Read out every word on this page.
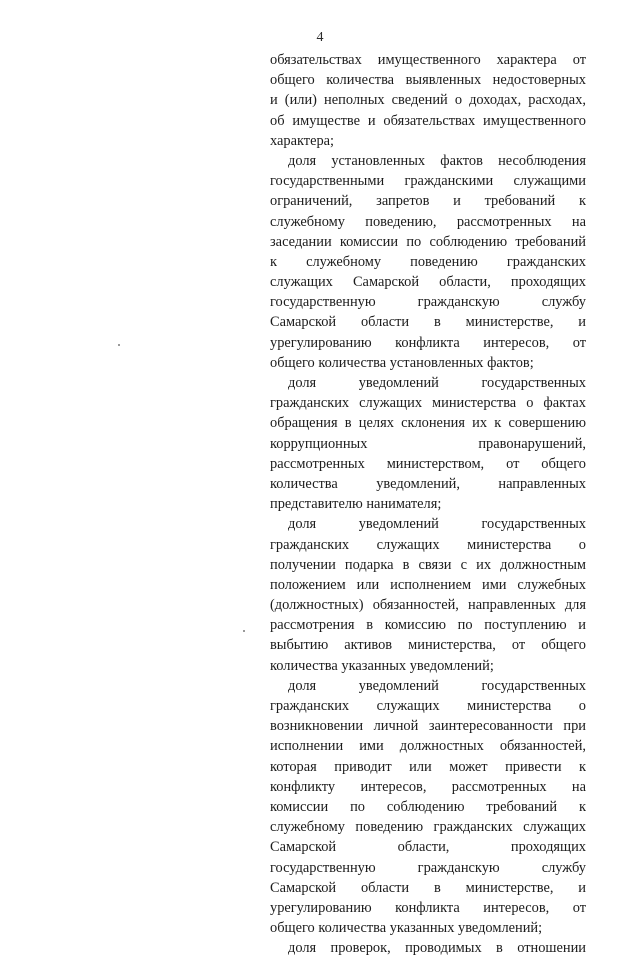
4
обязательствах имущественного характера от
общего количества выявленных недостоверных
и (или) неполных сведений о доходах, расходах,
об имуществе и обязательствах имущественного
характера;
доля установленных фактов несоблюдения
государственными гражданскими служащими
ограничений, запретов и требований к
служебному поведению, рассмотренных на
заседании комиссии по соблюдению требований
к служебному поведению гражданских
служащих Самарской области, проходящих
государственную гражданскую службу
Самарской области в министерстве, и
урегулированию конфликта интересов, от
общего количества установленных фактов;
доля уведомлений государственных
гражданских служащих министерства о фактах
обращения в целях склонения их к совершению
коррупционных правонарушений,
рассмотренных министерством, от общего
количества уведомлений, направленных
представителю нанимателя;
доля уведомлений государственных
гражданских служащих министерства о
получении подарка в связи с их должностным
положением или исполнением ими служебных
(должностных) обязанностей, направленных для
рассмотрения в комиссию по поступлению и
выбытию активов министерства, от общего
количества указанных уведомлений;
доля уведомлений государственных
гражданских служащих министерства о
возникновении личной заинтересованности при
исполнении ими должностных обязанностей,
которая приводит или может привести к
конфликту интересов, рассмотренных на
комиссии по соблюдению требований к
служебному поведению гражданских служащих
Самарской области, проходящих
государственную гражданскую службу
Самарской области в министерстве, и
урегулированию конфликта интересов, от
общего количества указанных уведомлений;
доля проверок, проводимых в отношении
